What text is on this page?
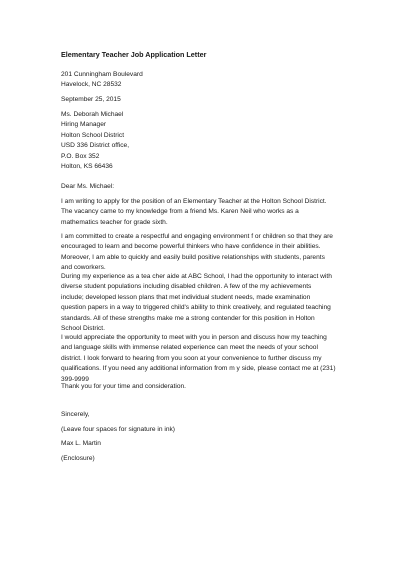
Elementary Teacher Job Application Letter
201 Cunningham Boulevard
Havelock, NC 28532
September 25, 2015
Ms. Deborah Michael
Hiring Manager
Holton School District
USD 336 District office,
P.O. Box 352
Holton, KS 66436
Dear Ms. Michael:
I am writing to apply for the position of an Elementary Teacher at the Holton School District.
The vacancy came to my knowledge from a friend Ms. Karen Neil who works as a
mathematics teacher for grade sixth.
I am committed to create a respectful and engaging environment f or children so that they are
encouraged to learn and become powerful thinkers who have confidence in their abilities.
Moreover, I am able to quickly and easily build positive relationships with students, parents
and coworkers.
During my experience as a tea cher aide at ABC School, I had the opportunity to interact with
diverse student populations including disabled children. A few of the my achievements
include; developed lesson plans that met individual student needs, made examination
question papers in a way to triggered child's ability to think creatively, and regulated teaching
standards. All of these strengths make me a strong contender for this position in Holton
School District.
I would appreciate the opportunity to meet with you in person and discuss how my teaching
and language skills with immense related experience can meet the needs of your school
district. I look forward to hearing from you soon at your convenience to further discuss my
qualifications. If you need any additional information from m y side, please contact me at (231)
399-9999
Thank you for your time and consideration.
Sincerely,
(Leave four spaces for signature in ink)
Max L. Martin
(Enclosure)
